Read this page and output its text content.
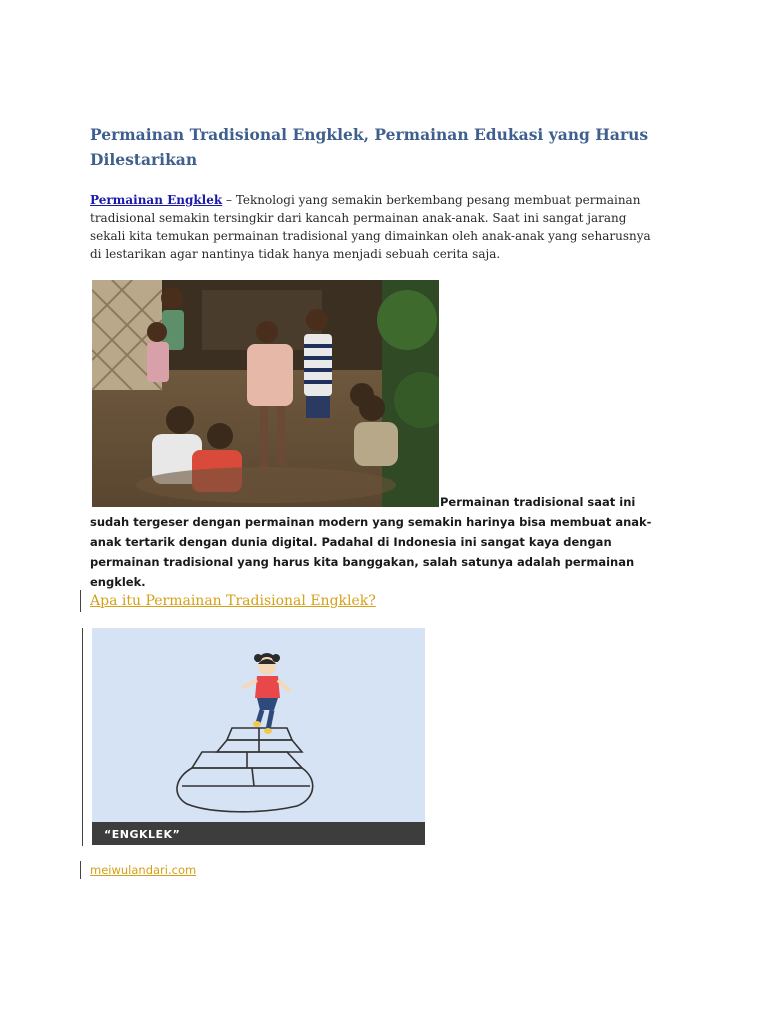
Permainan Tradisional Engklek, Permainan Edukasi yang Harus Dilestarikan

Permainan Engklek – Teknologi yang semakin berkembang pesang membuat permainan tradisional semakin tersingkir dari kancah permainan anak-anak. Saat ini sangat jarang sekali kita temukan permainan tradisional yang dimainkan oleh anak-anak yang seharusnya di lestarikan agar nantinya tidak hanya menjadi sebuah cerita saja.

Permainan tradisional saat ini sudah tergeser dengan permainan modern yang semakin harinya bisa membuat anak-anak tertarik dengan dunia digital. Padahal di Indonesia ini sangat kaya dengan permainan tradisional yang harus kita banggakan, salah satunya adalah permainan engklek.

Apa itu Permainan Tradisional Engklek?
“ENGKLEK”
meiwulandari.com
